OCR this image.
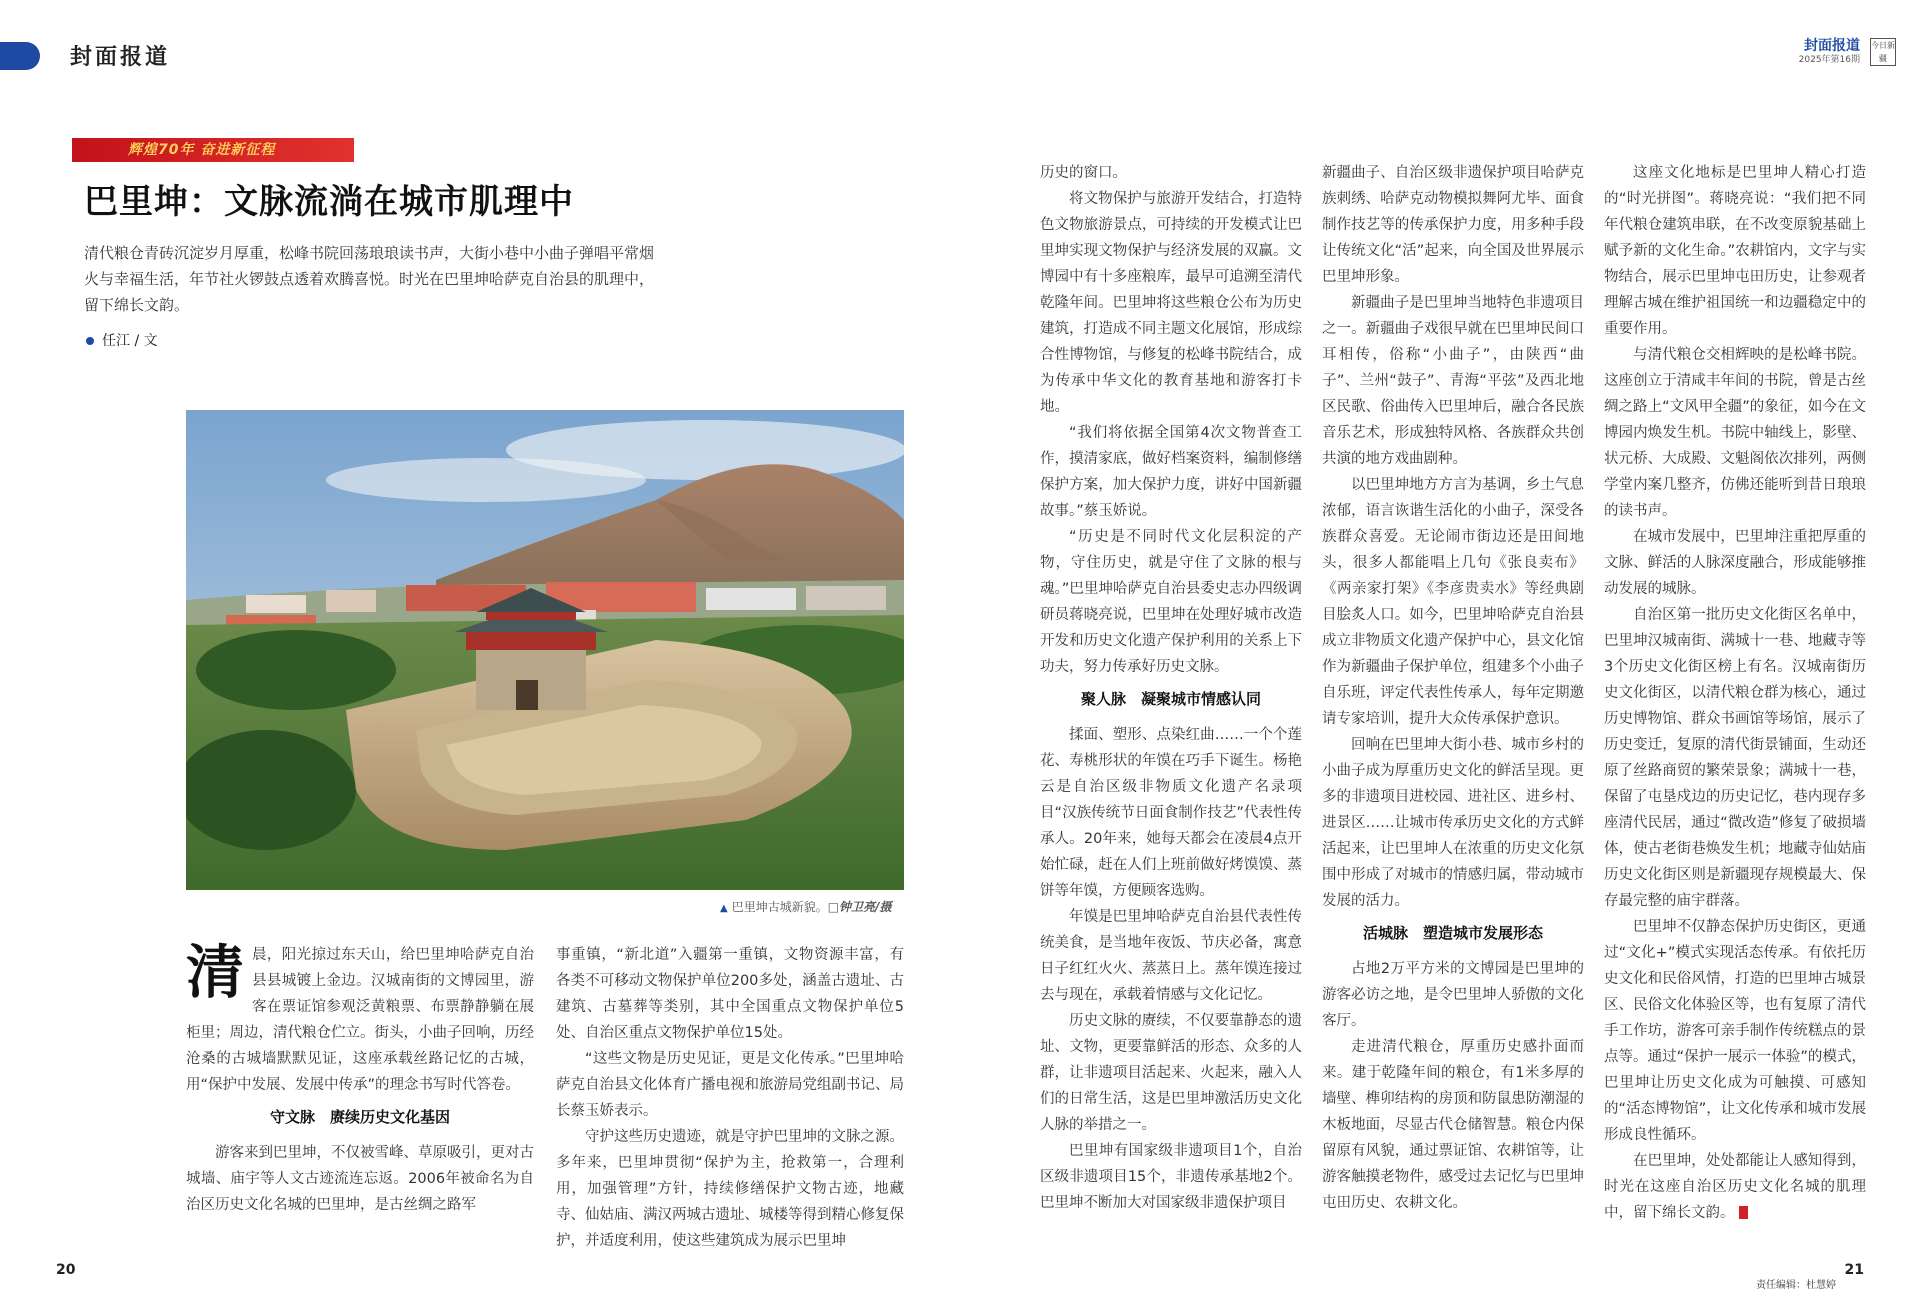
封面报道	封面报道
2025年第16期
今日新疆
辉煌70年 奋进新征程
巴里坤：文脉流淌在城市肌理中
清代粮仓青砖沉淀岁月厚重，松峰书院回荡琅琅读书声，大街小巷中小曲子弹唱平常烟火与幸福生活，年节社火锣鼓点透着欢腾喜悦。时光在巴里坤哈萨克自治县的肌理中，留下绵长文韵。
任江 / 文
▲ 巴里坤古城新貌。□钟卫亮/摄

清晨，阳光掠过东天山，给巴里坤哈萨克自治县县城镀上金边。汉城南街的文博园里，游客在票证馆参观泛黄粮票、布票静静躺在展柜里；周边，清代粮仓伫立。街头，小曲子回响，历经沧桑的古城墙默默见证，这座承载丝路记忆的古城，用“保护中发展、发展中传承”的理念书写时代答卷。

守文脉　赓续历史文化基因

游客来到巴里坤，不仅被雪峰、草原吸引，更对古城墙、庙宇等人文古迹流连忘返。2006年被命名为自治区历史文化名城的巴里坤，是古丝绸之路军

事重镇，“新北道”入疆第一重镇，文物资源丰富，有各类不可移动文物保护单位200多处，涵盖古遗址、古建筑、古墓葬等类别，其中全国重点文物保护单位5处、自治区重点文物保护单位15处。

“这些文物是历史见证，更是文化传承。”巴里坤哈萨克自治县文化体育广播电视和旅游局党组副书记、局长蔡玉娇表示。

守护这些历史遗迹，就是守护巴里坤的文脉之源。多年来，巴里坤贯彻“保护为主，抢救第一，合理利用，加强管理”方针，持续修缮保护文物古迹，地藏寺、仙姑庙、满汉两城古遗址、城楼等得到精心修复保护，并适度利用，使这些建筑成为展示巴里坤

历史的窗口。

将文物保护与旅游开发结合，打造特色文物旅游景点，可持续的开发模式让巴里坤实现文物保护与经济发展的双赢。文博园中有十多座粮库，最早可追溯至清代乾隆年间。巴里坤将这些粮仓公布为历史建筑，打造成不同主题文化展馆，形成综合性博物馆，与修复的松峰书院结合，成为传承中华文化的教育基地和游客打卡地。

“我们将依据全国第4次文物普查工作，摸清家底，做好档案资料，编制修缮保护方案，加大保护力度，讲好中国新疆故事。”蔡玉娇说。

“历史是不同时代文化层积淀的产物，守住历史，就是守住了文脉的根与魂。”巴里坤哈萨克自治县委史志办四级调研员蒋晓亮说，巴里坤在处理好城市改造开发和历史文化遗产保护利用的关系上下功夫，努力传承好历史文脉。

聚人脉　凝聚城市情感认同

揉面、塑形、点染红曲……一个个莲花、寿桃形状的年馍在巧手下诞生。杨艳云是自治区级非物质文化遗产名录项目“汉族传统节日面食制作技艺”代表性传承人。20年来，她每天都会在凌晨4点开始忙碌，赶在人们上班前做好烤馍馍、蒸饼等年馍，方便顾客选购。

年馍是巴里坤哈萨克自治县代表性传统美食，是当地年夜饭、节庆必备，寓意日子红红火火、蒸蒸日上。蒸年馍连接过去与现在，承载着情感与文化记忆。

历史文脉的赓续，不仅要靠静态的遗址、文物，更要靠鲜活的形态、众多的人群，让非遗项目活起来、火起来，融入人们的日常生活，这是巴里坤激活历史文化人脉的举措之一。

巴里坤有国家级非遗项目1个，自治区级非遗项目15个，非遗传承基地2个。巴里坤不断加大对国家级非遗保护项目

新疆曲子、自治区级非遗保护项目哈萨克族刺绣、哈萨克动物模拟舞阿尤毕、面食制作技艺等的传承保护力度，用多种手段让传统文化“活”起来，向全国及世界展示巴里坤形象。

新疆曲子是巴里坤当地特色非遗项目之一。新疆曲子戏很早就在巴里坤民间口耳相传，俗称“小曲子”，由陕西“曲子”、兰州“鼓子”、青海“平弦”及西北地区民歌、俗曲传入巴里坤后，融合各民族音乐艺术，形成独特风格、各族群众共创共演的地方戏曲剧种。

以巴里坤地方方言为基调，乡土气息浓郁，语言诙谐生活化的小曲子，深受各族群众喜爱。无论闹市街边还是田间地头，很多人都能唱上几句《张良卖布》《两亲家打架》《李彦贵卖水》等经典剧目脍炙人口。如今，巴里坤哈萨克自治县成立非物质文化遗产保护中心，县文化馆作为新疆曲子保护单位，组建多个小曲子自乐班，评定代表性传承人，每年定期邀请专家培训，提升大众传承保护意识。

回响在巴里坤大街小巷、城市乡村的小曲子成为厚重历史文化的鲜活呈现。更多的非遗项目进校园、进社区、进乡村、进景区……让城市传承历史文化的方式鲜活起来，让巴里坤人在浓重的历史文化氛围中形成了对城市的情感归属，带动城市发展的活力。

活城脉　塑造城市发展形态

占地2万平方米的文博园是巴里坤的游客必访之地，是令巴里坤人骄傲的文化客厅。

走进清代粮仓，厚重历史感扑面而来。建于乾隆年间的粮仓，有1米多厚的墙壁、榫卯结构的房顶和防鼠患防潮湿的木板地面，尽显古代仓储智慧。粮仓内保留原有风貌，通过票证馆、农耕馆等，让游客触摸老物件，感受过去记忆与巴里坤屯田历史、农耕文化。

这座文化地标是巴里坤人精心打造的“时光拼图”。蒋晓亮说：“我们把不同年代粮仓建筑串联，在不改变原貌基础上赋予新的文化生命。”农耕馆内，文字与实物结合，展示巴里坤屯田历史，让参观者理解古城在维护祖国统一和边疆稳定中的重要作用。

与清代粮仓交相辉映的是松峰书院。这座创立于清咸丰年间的书院，曾是古丝绸之路上“文风甲全疆”的象征，如今在文博园内焕发生机。书院中轴线上，影壁、状元桥、大成殿、文魁阁依次排列，两侧学堂内案几整齐，仿佛还能听到昔日琅琅的读书声。

在城市发展中，巴里坤注重把厚重的文脉、鲜活的人脉深度融合，形成能够推动发展的城脉。

自治区第一批历史文化街区名单中，巴里坤汉城南街、满城十一巷、地藏寺等3个历史文化街区榜上有名。汉城南街历史文化街区，以清代粮仓群为核心，通过历史博物馆、群众书画馆等场馆，展示了历史变迁，复原的清代街景铺面，生动还原了丝路商贸的繁荣景象；满城十一巷，保留了屯垦戍边的历史记忆，巷内现存多座清代民居，通过“微改造”修复了破损墙体，使古老街巷焕发生机；地藏寺仙姑庙历史文化街区则是新疆现存规模最大、保存最完整的庙宇群落。

巴里坤不仅静态保护历史街区，更通过“文化+”模式实现活态传承。有依托历史文化和民俗风情，打造的巴里坤古城景区、民俗文化体验区等，也有复原了清代手工作坊，游客可亲手制作传统糕点的景点等。通过“保护一展示一体验”的模式，巴里坤让历史文化成为可触摸、可感知的“活态博物馆”，让文化传承和城市发展形成良性循环。

在巴里坤，处处都能让人感知得到，时光在这座自治区历史文化名城的肌理中，留下绵长文韵。

20	21
责任编辑：杜慧婷
